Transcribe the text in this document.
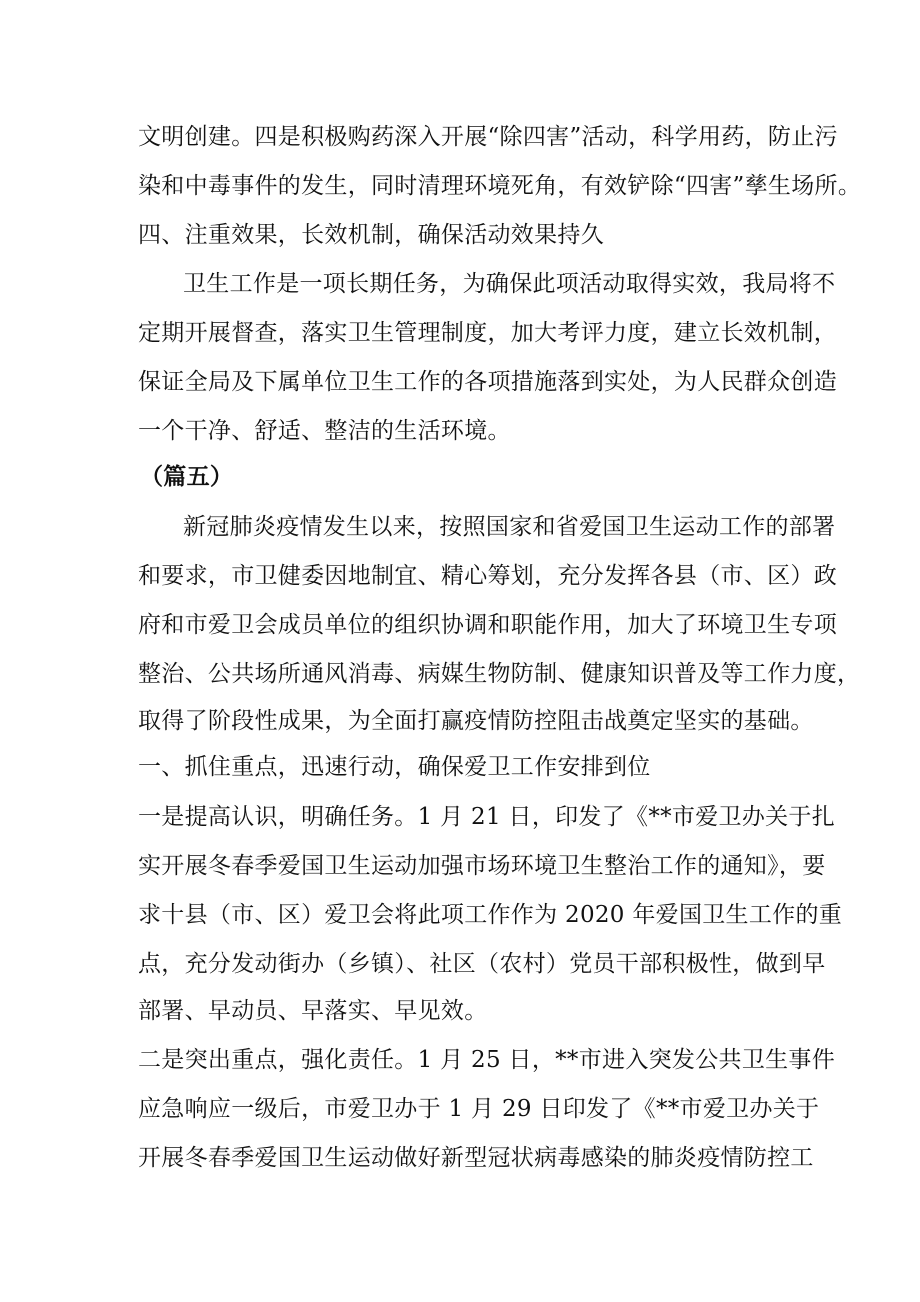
文明创建。四是积极购药深入开展“除四害”活动，科学用药，防止污
染和中毒事件的发生，同时清理环境死角，有效铲除“四害”孳生场所。
四、注重效果，长效机制，确保活动效果持久
卫生工作是一项长期任务，为确保此项活动取得实效，我局将不
定期开展督查，落实卫生管理制度，加大考评力度，建立长效机制，
保证全局及下属单位卫生工作的各项措施落到实处，为人民群众创造
一个干净、舒适、整洁的生活环境。
（篇五）
新冠肺炎疫情发生以来，按照国家和省爱国卫生运动工作的部署
和要求，市卫健委因地制宜、精心筹划，充分发挥各县（市、区）政
府和市爱卫会成员单位的组织协调和职能作用，加大了环境卫生专项
整治、公共场所通风消毒、病媒生物防制、健康知识普及等工作力度，
取得了阶段性成果，为全面打赢疫情防控阻击战奠定坚实的基础。
一、抓住重点，迅速行动，确保爱卫工作安排到位
一是提高认识，明确任务。1 月 21 日，印发了《**市爱卫办关于扎
实开展冬春季爱国卫生运动加强市场环境卫生整治工作的通知》，要
求十县（市、区）爱卫会将此项工作作为 2020 年爱国卫生工作的重
点，充分发动街办（乡镇）、社区（农村）党员干部积极性，做到早
部署、早动员、早落实、早见效。
二是突出重点，强化责任。1 月 25 日，**市进入突发公共卫生事件
应急响应一级后，市爱卫办于 1 月 29 日印发了《**市爱卫办关于
开展冬春季爱国卫生运动做好新型冠状病毒感染的肺炎疫情防控工
